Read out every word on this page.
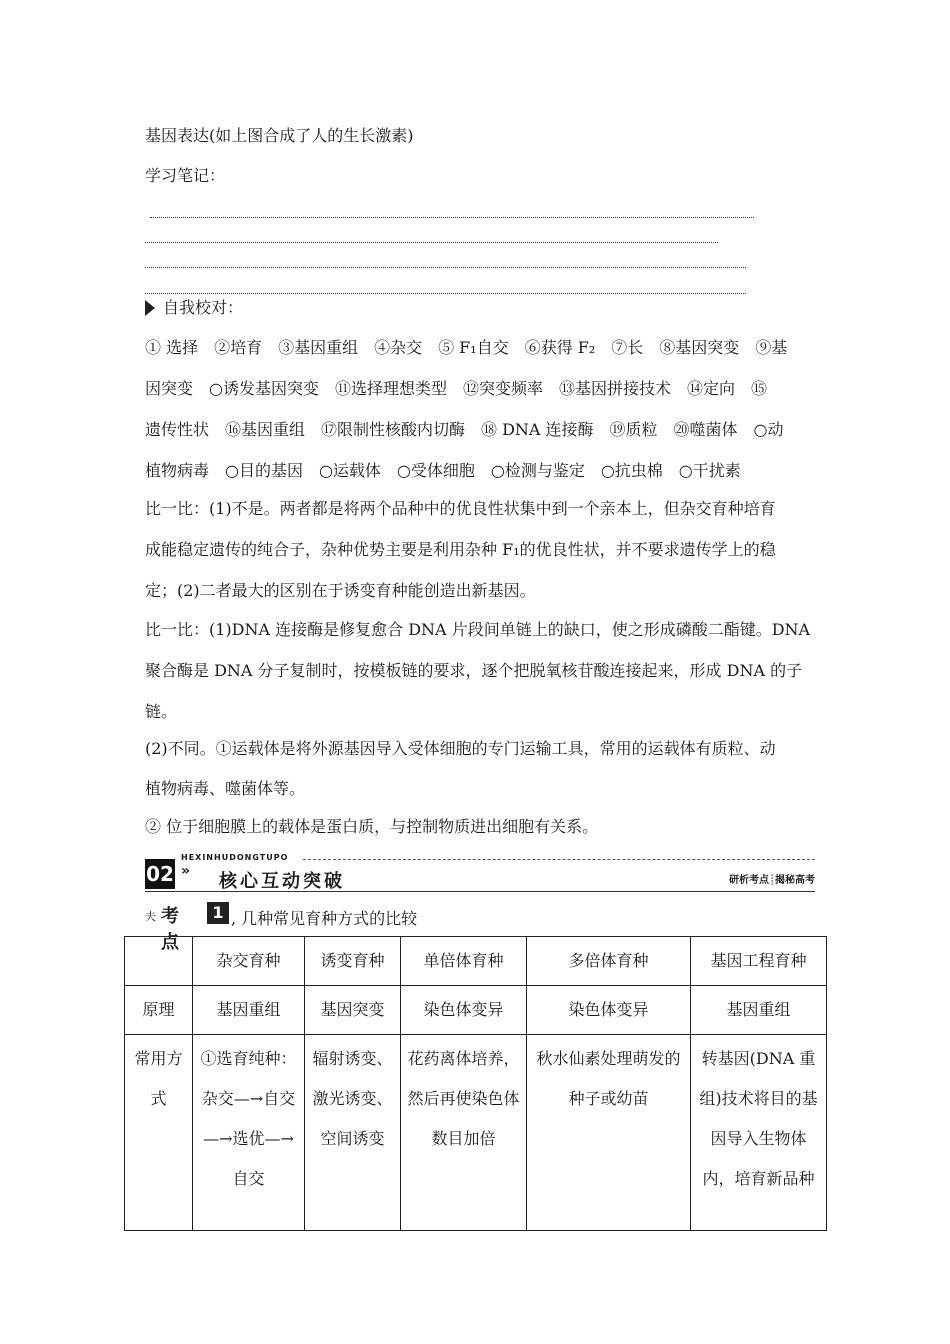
基因表达(如上图合成了人的生长激素)
学习笔记：
自我校对：
① 选择　②培育　③基因重组　④杂交　⑤ F₁自交　⑥获得 F₂　⑦长　⑧基因突变　⑨基
因突变　○诱发基因突变　⑪选择理想类型　⑫突变频率　⑬基因拼接技术　⑭定向　⑮
遗传性状　⑯基因重组　⑰限制性核酸内切酶　⑱ DNA 连接酶　⑲质粒　⑳噬菌体　○动
植物病毒　○目的基因　○运载体　○受体细胞　○检测与鉴定　○抗虫棉　○干扰素
比一比：(1)不是。两者都是将两个品种中的优良性状集中到一个亲本上，但杂交育种培育
成能稳定遗传的纯合子，杂种优势主要是利用杂种 F₁的优良性状，并不要求遗传学上的稳
定；(2)二者最大的区别在于诱变育种能创造出新基因。
比一比：(1)DNA 连接酶是修复愈合 DNA 片段间单链上的缺口，使之形成磷酸二酯键。DNA
聚合酶是 DNA 分子复制时，按模板链的要求，逐个把脱氧核苷酸连接起来，形成 DNA 的子
链。
(2)不同。①运载体是将外源基因导入受体细胞的专门运输工具，常用的运载体有质粒、动
植物病毒、噬菌体等。
② 位于细胞膜上的载体是蛋白质，与控制物质进出细胞有关系。
02
HEXINHUDONGTUPO
» 核心互动突破	研析考点┊揭秘高考
夫 考点
1 , 几种常见育种方式的比较
	杂交育种	诱变育种	单倍体育种	多倍体育种	基因工程育种
原理	基因重组	基因突变	染色体变异	染色体变异	基因重组
常用方式	①选育纯种：杂交—→自交—→选优—→自交	辐射诱变、激光诱变、空间诱变	花药离体培养，然后再使染色体数目加倍	秋水仙素处理萌发的种子或幼苗	转基因(DNA 重组)技术将目的基因导入生物体内，培育新品种
